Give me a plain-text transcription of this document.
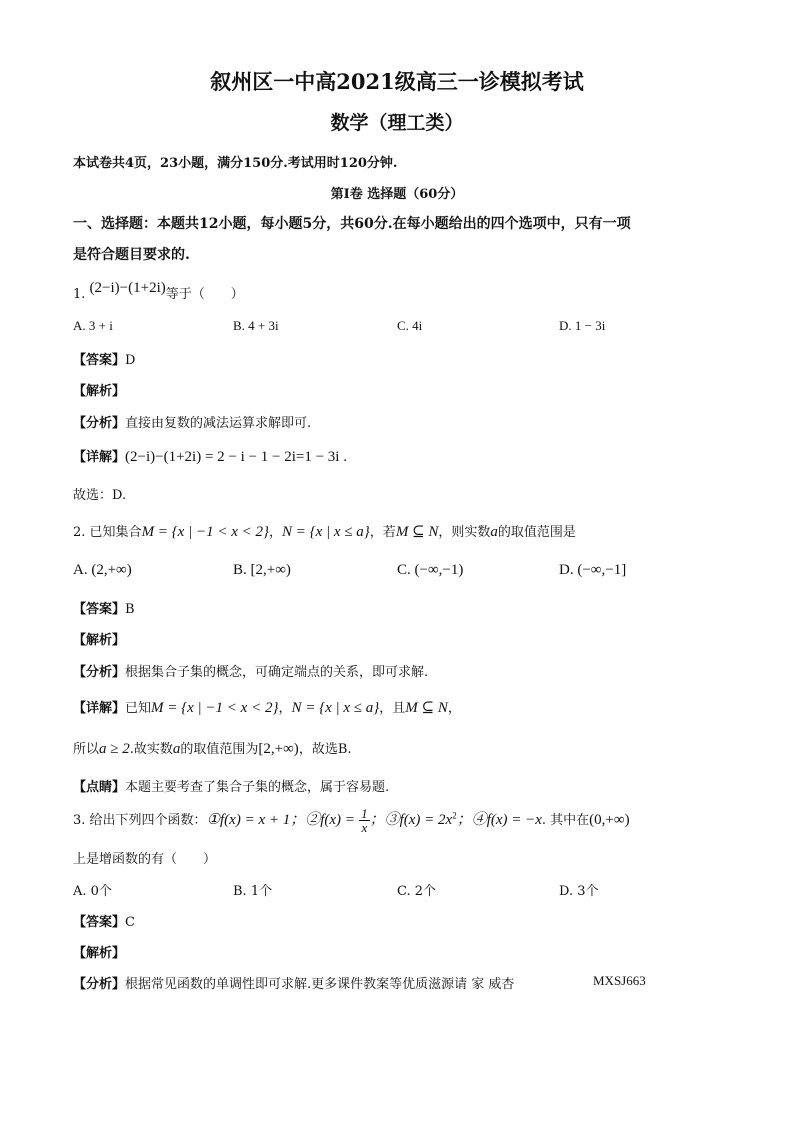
叙州区一中高2021级高三一诊模拟考试
数学（理工类）
本试卷共4页，23小题，满分150分.考试用时120分钟.
第I卷 选择题（60分）
一、选择题：本题共12小题，每小题5分，共60分.在每小题给出的四个选项中，只有一项
是符合题目要求的.
1. (2−i)−(1+2i)等于（　　）
A. 3 + i	B. 4 + 3i	C. 4i	D. 1 − 3i
【答案】D
【解析】
【分析】直接由复数的减法运算求解即可.
【详解】(2−i)−(1+2i) = 2 − i − 1 − 2i=1 − 3i .
故选：D.
2. 已知集合M = {x | −1 < x < 2}，N = {x | x ≤ a}，若M ⊆ N，则实数a的取值范围是
A. (2,+∞)	B. [2,+∞)	C. (−∞,−1)	D. (−∞,−1]
【答案】B
【解析】
【分析】根据集合子集的概念，可确定端点的关系，即可求解.
【详解】已知M = {x | −1 < x < 2}，N = {x | x ≤ a}，且M ⊆ N，
所以a ≥ 2.故实数a的取值范围为[2,+∞)，故选B.
【点睛】本题主要考查了集合子集的概念，属于容易题.
3. 给出下列四个函数：①f(x) = x + 1；②f(x) = $\frac{1}{x}$ ；③f(x) = $2x^2$；④f(x) = −x. 其中在(0,+∞)
上是增函数的有（　　）
A. 0个	B. 1个	C. 2个	D. 3个
【答案】C
【解析】
【分析】根据常见函数的单调性即可求解.更多课件教案等优质滋源请 家 威杏	MXSJ663
